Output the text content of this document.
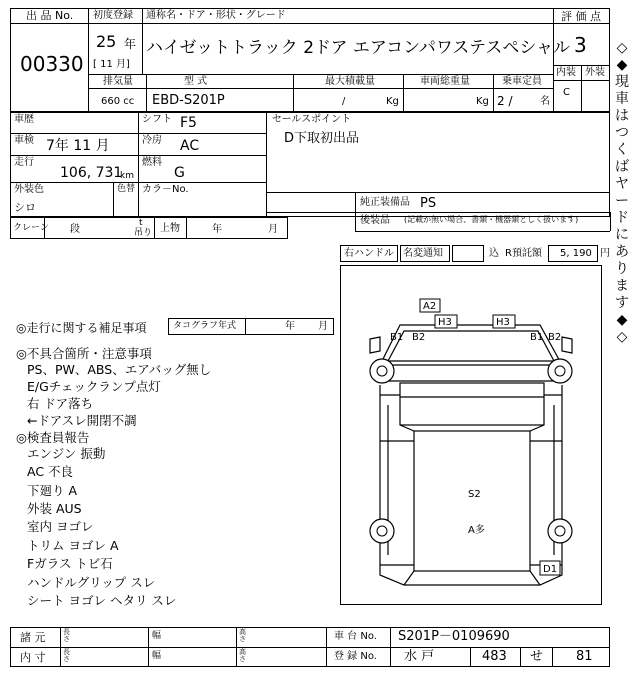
出 品 No.
00330
初度登録
25 年
[ 11 月]
通称名・ドア・形状・グレード
ハイゼットトラック 2ドア エアコンパワステスペシャル
評 価 点
3
内装 外装
C
排気量
660 cc
型 式
EBD-S201P
最大積載量
/	Kg
車両総重量
Kg
乗車定員
2 /	名
車歴	シフト F5
車検 7年 11 月	冷房 AC
走行
106, 731
km
燃料
G
外装色
シロ
色替 カラ－No.
セールスポイント
D下取初出品
純正装備品 PS
後装品 (記載が無い場合、書類・機器類としく扱います)
クレーン 段
t
吊り 上物	年	月
右ハンドル 名変通知	込 R預託額 5, 190 円
◇◆ 現車はつくばヤードにあります ◆◇
◎走行に関する補足事項	タコグラフ年式	年 月
◎不具合箇所・注意事項
PS、PW、ABS、エアバッグ無し
E/Gチェックランプ点灯
右 ドア落ち
←ドアスレ開閉不調
◎検査員報告
エンジン 振動
AC 不良
下廻り A
外装 AUS
室内 ヨゴレ
トリム ヨゴレ A
Fガラス トビ石
ハンドルグリップ スレ
シート ヨゴレ ヘタリ スレ
A2
H3	H3
B1 B2	B1 B2
S2
A多
D1
諸 元
内 寸
長さ
長さ
幅
幅
高さ
高さ
車 台 No. S201P－0109690
登 録 No. 水 戸	483 せ	81
